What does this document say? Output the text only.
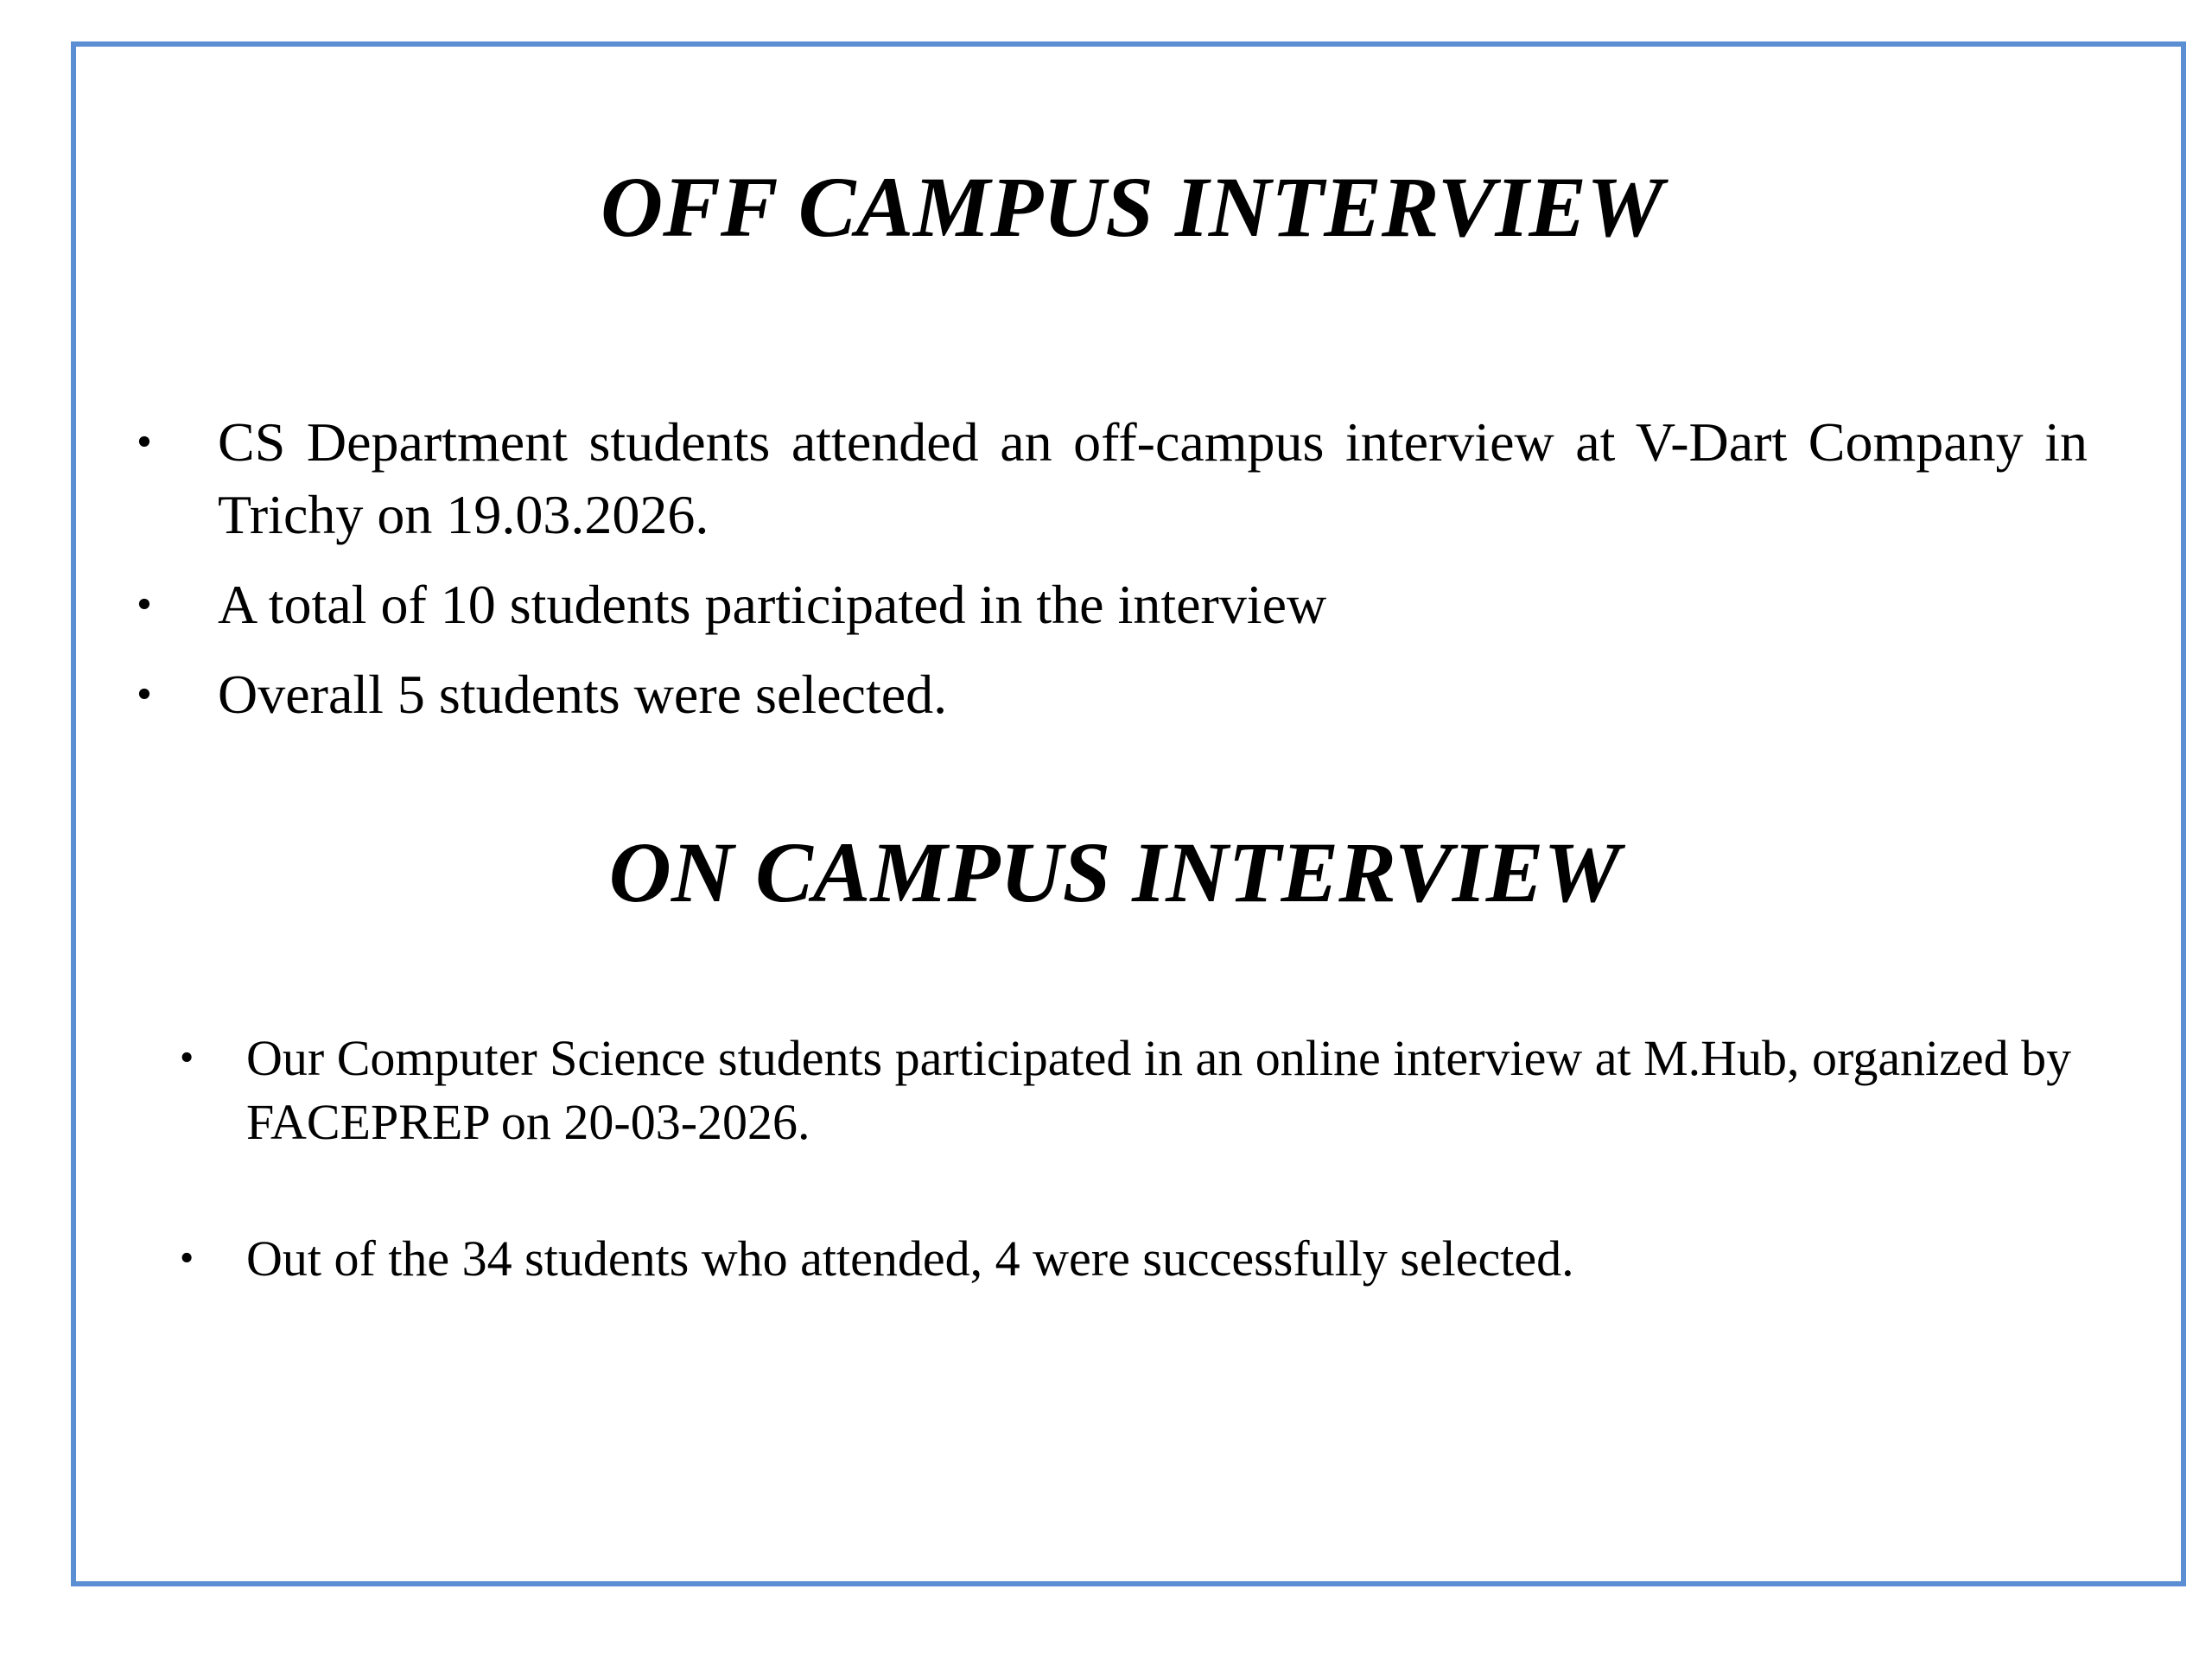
OFF CAMPUS INTERVIEW
• CS Department students attended an off-campus interview at V-Dart Company in Trichy on 19.03.2026.
• A total of 10 students participated in the interview
• Overall 5 students were selected.
ON CAMPUS INTERVIEW
• Our Computer Science students participated in an online interview at M.Hub, organized by FACEPREP on 20-03-2026.
• Out of the 34 students who attended, 4 were successfully selected.
